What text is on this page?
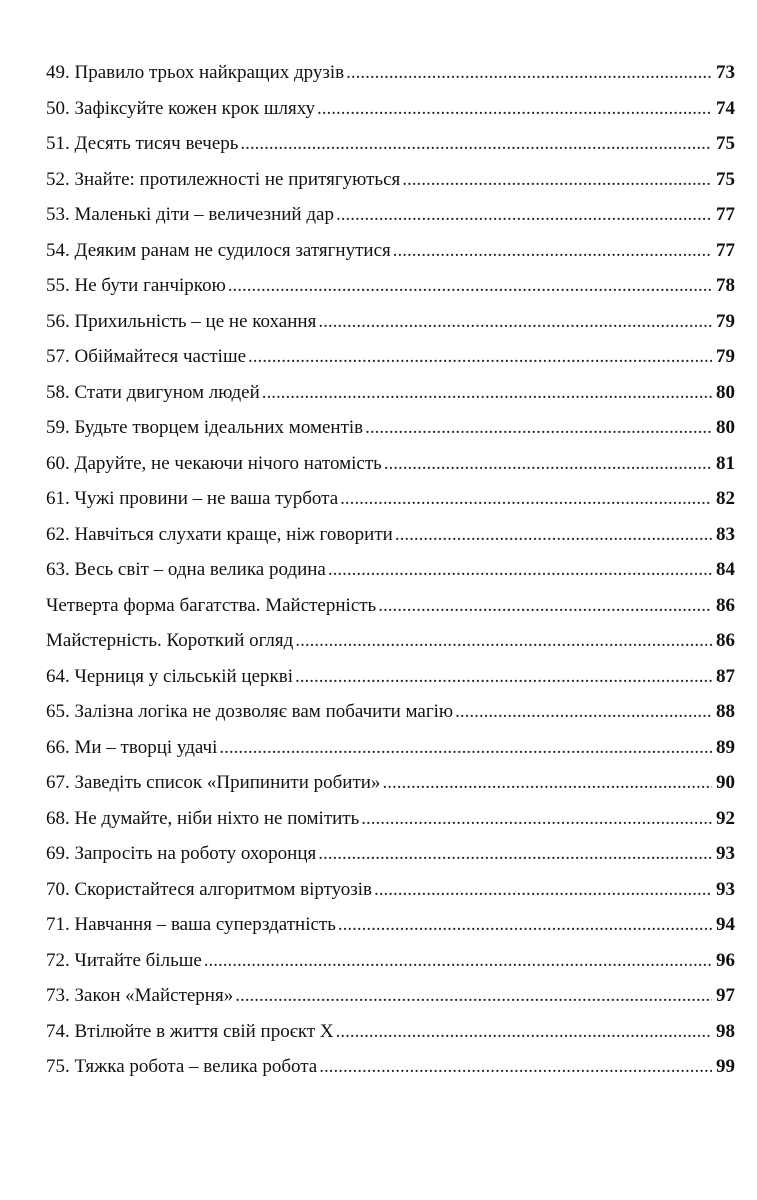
49. Правило трьох найкращих друзів .....	73
50. Зафіксуйте кожен крок шляху .....	74
51. Десять тисяч вечерь .....	75
52. Знайте: протилежності не притягуються .....	75
53. Маленькі діти – величезний дар .....	77
54. Деяким ранам не судилося затягнутися .....	77
55. Не бути ганчіркою .....	78
56. Прихильність – це не кохання .....	79
57. Обіймайтеся частіше .....	79
58. Стати двигуном людей .....	80
59. Будьте творцем ідеальних моментів .....	80
60. Даруйте, не чекаючи нічого натомість .....	81
61. Чужі провини – не ваша турбота .....	82
62. Навчіться слухати краще, ніж говорити .....	83
63. Весь світ – одна велика родина .....	84
Четверта форма багатства. Майстерність .....	86
Майстерність. Короткий огляд .....	86
64. Черниця у сільській церкві .....	87
65. Залізна логіка не дозволяє вам побачити магію .....	88
66. Ми – творці удачі .....	89
67. Заведіть список «Припинити робити» .....	90
68. Не думайте, ніби ніхто не помітить .....	92
69. Запросіть на роботу охоронця .....	93
70. Скористайтеся алгоритмом віртуозів .....	93
71. Навчання – ваша суперздатність .....	94
72. Читайте більше .....	96
73. Закон «Майстерня» .....	97
74. Втілюйте в життя свій проєкт X .....	98
75. Тяжка робота – велика робота .....	99
